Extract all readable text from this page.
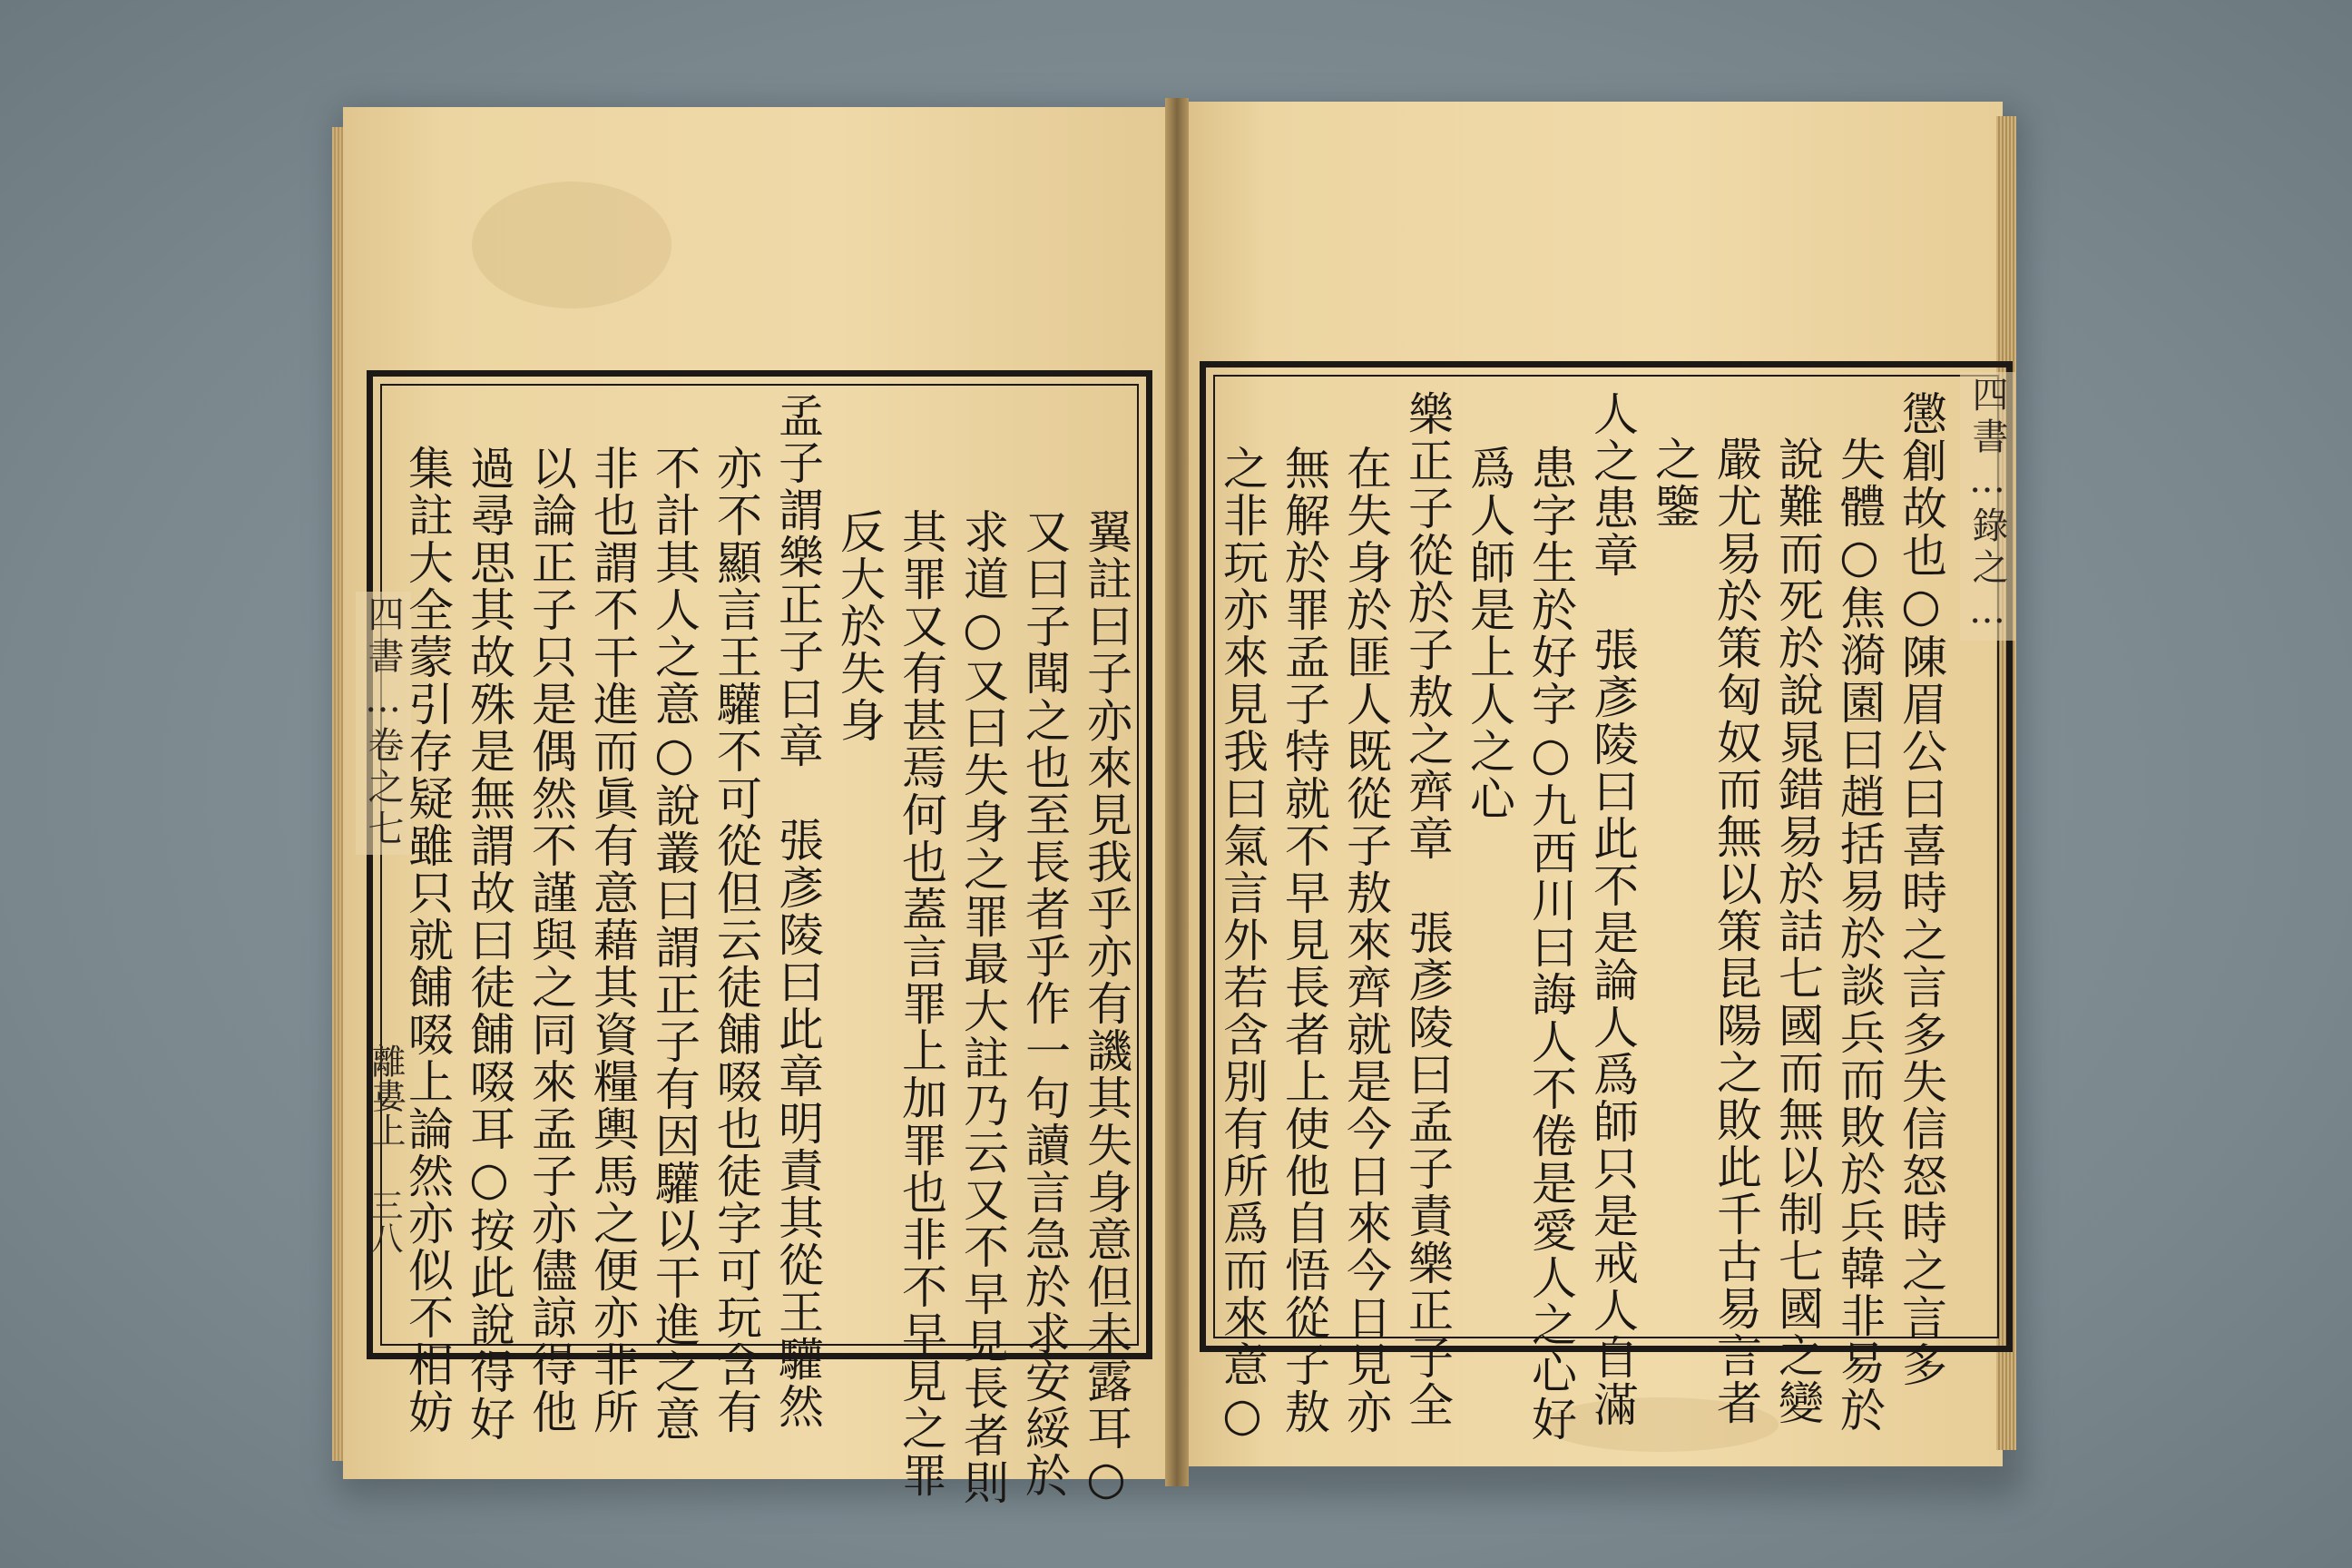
四書…卷之七
離婁上
三八	翼註曰子亦來見我乎亦有譏其失身意但未露耳○
又曰子聞之也至長者乎作一句讀言急於求安綏於
求道○又曰失身之罪最大註乃云又不早見長者則
其罪又有甚焉何也蓋言罪上加罪也非不早見之罪
反大於失身
孟子謂樂正子曰章　張彥陵曰此章明責其從王驩然
亦不顯言王驩不可從但云徒餔啜也徒字可玩含有
不計其人之意○說叢曰謂正子有因驩以干進之意
非也謂不干進而眞有意藉其資糧輿馬之便亦非所
以論正子只是偶然不謹與之同來孟子亦儘諒得他
過尋思其故殊是無謂故曰徒餔啜耳○按此說得好
集註大全蒙引存疑雖只就餔啜上論然亦似不相妨	四書…錄之…
懲創故也○陳眉公曰喜時之言多失信怒時之言多
失體○焦漪園曰趙括易於談兵而敗於兵韓非易於
說難而死於說晁錯易於詰七國而無以制七國之變
嚴尤易於策匈奴而無以策昆陽之敗此千古易言者
之鑒
人之患章　張彥陵曰此不是論人爲師只是戒人自滿
患字生於好字○九西川曰誨人不倦是愛人之心好
爲人師是上人之心
樂正子從於子敖之齊章　張彥陵曰孟子責樂正子全
在失身於匪人既從子敖來齊就是今日來今日見亦
無解於罪孟子特就不早見長者上使他自悟從子敖
之非玩亦來見我曰氣言外若含別有所爲而來意○
